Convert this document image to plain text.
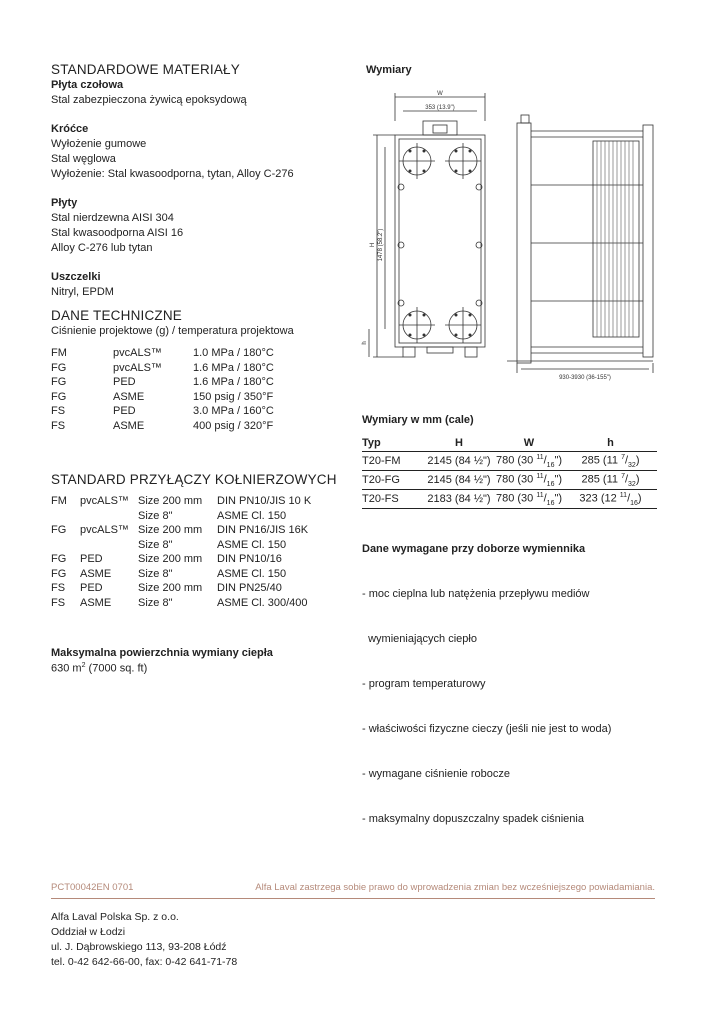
STANDARDOWE MATERIAŁY
Płyta czołowa
Stal zabezpieczona żywicą epoksydową
Króćce
Wyłożenie gumowe
Stal węglowa
Wyłożenie: Stal kwasoodporna, tytan, Alloy C-276
Płyty
Stal nierdzewna AISI 304
Stal kwasoodporna AISI 16
Alloy C-276 lub tytan
Uszczelki
Nitryl, EPDM
DANE TECHNICZNE
Ciśnienie projektowe (g) / temperatura projektowa
FM	pvcALS™	1.0 MPa / 180°C
FG	pvcALS™	1.6 MPa / 180°C
FG	PED	1.6 MPa / 180°C
FG	ASME	150 psig / 350°F
FS	PED	3.0 MPa / 160°C
FS	ASME	400 psig / 320°F
STANDARD PRZYŁĄCZY KOŁNIERZOWYCH
FM	pvcALS™	Size 200 mm	DIN PN10/JIS 10 K
		Size 8"	ASME Cl. 150
FG	pvcALS™	Size 200 mm	DIN PN16/JIS 16K
		Size 8"	ASME Cl. 150
FG	PED	Size 200 mm	DIN PN10/16
FG	ASME	Size 8"	ASME Cl. 150
FS	PED	Size 200 mm	DIN PN25/40
FS	ASME	Size 8"	ASME Cl. 300/400
Maksymalna powierzchnia wymiany ciepła
630 $m^2$ (7000 sq. ft)
Wymiary
W
353 (13.9")
H 1478 (58.2")
h
930-3930 (36-155")
Wymiary w mm (cale)
Typ	H	W	h
T20-FM	2145 (84 ½")	780 (30 $^{11}/_{16}$")	285 (11 $^7/_{32}$)
T20-FG	2145 (84 ½")	780 (30 $^{11}/_{16}$")	285 (11 $^7/_{32}$)
T20-FS	2183 (84 ½")	780 (30 $^{11}/_{16}$")	323 (12 $^{11}/_{16}$)
Dane wymagane przy doborze wymiennika

- moc cieplna lub natężenia przepływu mediów

wymieniających ciepło

- program temperaturowy

- właściwości fizyczne cieczy (jeśli nie jest to woda)

- wymagane ciśnienie robocze

- maksymalny dopuszczalny spadek ciśnienia

PCT00042EN 0701	Alfa Laval zastrzega sobie prawo do wprowadzenia zmian bez wcześniejszego powiadamiania.
Alfa Laval Polska Sp. z o.o.
Oddział w Łodzi
ul. J. Dąbrowskiego 113, 93-208 Łódź
tel. 0-42 642-66-00, fax: 0-42 641-71-78
